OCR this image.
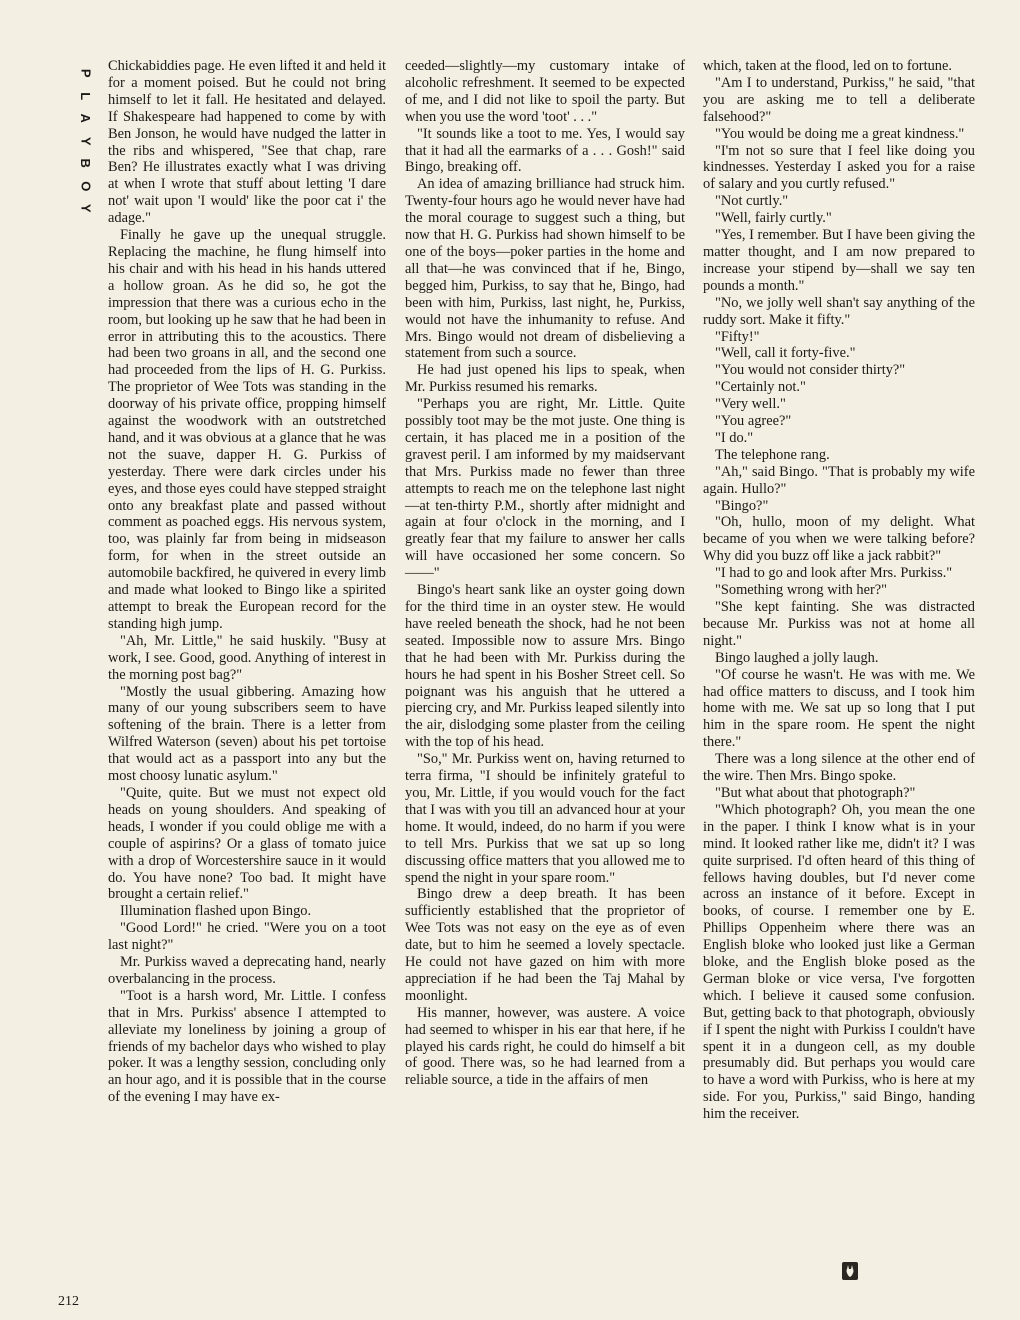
P
L
A
Y
B
O
Y

Chickabiddies page. He even lifted it and held it for a moment poised. But he could not bring himself to let it fall. He hesitated and delayed. If Shakespeare had happened to come by with Ben Jonson, he would have nudged the latter in the ribs and whispered, "See that chap, rare Ben? He illustrates exactly what I was driving at when I wrote that stuff about letting 'I dare not' wait upon 'I would' like the poor cat i' the adage."

Finally he gave up the unequal struggle. Replacing the machine, he flung himself into his chair and with his head in his hands uttered a hollow groan. As he did so, he got the impression that there was a curious echo in the room, but looking up he saw that he had been in error in attributing this to the acoustics. There had been two groans in all, and the second one had proceeded from the lips of H. G. Purkiss. The proprietor of Wee Tots was standing in the doorway of his private office, propping himself against the woodwork with an outstretched hand, and it was obvious at a glance that he was not the suave, dapper H. G. Purkiss of yesterday. There were dark circles under his eyes, and those eyes could have stepped straight onto any breakfast plate and passed without comment as poached eggs. His nervous system, too, was plainly far from being in midseason form, for when in the street outside an automobile backfired, he quivered in every limb and made what looked to Bingo like a spirited attempt to break the European record for the standing high jump.

"Ah, Mr. Little," he said huskily. "Busy at work, I see. Good, good. Anything of interest in the morning post bag?"

"Mostly the usual gibbering. Amazing how many of our young subscribers seem to have softening of the brain. There is a letter from Wilfred Waterson (seven) about his pet tortoise that would act as a passport into any but the most choosy lunatic asylum."

"Quite, quite. But we must not expect old heads on young shoulders. And speaking of heads, I wonder if you could oblige me with a couple of aspirins? Or a glass of tomato juice with a drop of Worcestershire sauce in it would do. You have none? Too bad. It might have brought a certain relief."

Illumination flashed upon Bingo.

"Good Lord!" he cried. "Were you on a toot last night?"

Mr. Purkiss waved a deprecating hand, nearly overbalancing in the process.

"Toot is a harsh word, Mr. Little. I confess that in Mrs. Purkiss' absence I attempted to alleviate my loneliness by joining a group of friends of my bachelor days who wished to play poker. It was a lengthy session, concluding only an hour ago, and it is possible that in the course of the evening I may have ex-

ceeded—slightly—my customary intake of alcoholic refreshment. It seemed to be expected of me, and I did not like to spoil the party. But when you use the word 'toot' . . ."

"It sounds like a toot to me. Yes, I would say that it had all the earmarks of a . . . Gosh!" said Bingo, breaking off.

An idea of amazing brilliance had struck him. Twenty-four hours ago he would never have had the moral courage to suggest such a thing, but now that H. G. Purkiss had shown himself to be one of the boys—poker parties in the home and all that—he was convinced that if he, Bingo, begged him, Purkiss, to say that he, Bingo, had been with him, Purkiss, last night, he, Purkiss, would not have the inhumanity to refuse. And Mrs. Bingo would not dream of disbelieving a statement from such a source.

He had just opened his lips to speak, when Mr. Purkiss resumed his remarks.

"Perhaps you are right, Mr. Little. Quite possibly toot may be the mot juste. One thing is certain, it has placed me in a position of the gravest peril. I am informed by my maidservant that Mrs. Purkiss made no fewer than three attempts to reach me on the telephone last night—at ten-thirty P.M., shortly after midnight and again at four o'clock in the morning, and I greatly fear that my failure to answer her calls will have occasioned her some concern. So——"

Bingo's heart sank like an oyster going down for the third time in an oyster stew. He would have reeled beneath the shock, had he not been seated. Impossible now to assure Mrs. Bingo that he had been with Mr. Purkiss during the hours he had spent in his Bosher Street cell. So poignant was his anguish that he uttered a piercing cry, and Mr. Purkiss leaped silently into the air, dislodging some plaster from the ceiling with the top of his head.

"So," Mr. Purkiss went on, having returned to terra firma, "I should be infinitely grateful to you, Mr. Little, if you would vouch for the fact that I was with you till an advanced hour at your home. It would, indeed, do no harm if you were to tell Mrs. Purkiss that we sat up so long discussing office matters that you allowed me to spend the night in your spare room."

Bingo drew a deep breath. It has been sufficiently established that the proprietor of Wee Tots was not easy on the eye as of even date, but to him he seemed a lovely spectacle. He could not have gazed on him with more appreciation if he had been the Taj Mahal by moonlight.

His manner, however, was austere. A voice had seemed to whisper in his ear that here, if he played his cards right, he could do himself a bit of good. There was, so he had learned from a reliable source, a tide in the affairs of men

which, taken at the flood, led on to fortune.

"Am I to understand, Purkiss," he said, "that you are asking me to tell a deliberate falsehood?"

"You would be doing me a great kindness."

"I'm not so sure that I feel like doing you kindnesses. Yesterday I asked you for a raise of salary and you curtly refused."

"Not curtly."

"Well, fairly curtly."

"Yes, I remember. But I have been giving the matter thought, and I am now prepared to increase your stipend by—shall we say ten pounds a month."

"No, we jolly well shan't say anything of the ruddy sort. Make it fifty."

"Fifty!"

"Well, call it forty-five."

"You would not consider thirty?"

"Certainly not."

"Very well."

"You agree?"

"I do."

The telephone rang.

"Ah," said Bingo. "That is probably my wife again. Hullo?"

"Bingo?"

"Oh, hullo, moon of my delight. What became of you when we were talking before? Why did you buzz off like a jack rabbit?"

"I had to go and look after Mrs. Purkiss."

"Something wrong with her?"

"She kept fainting. She was distracted because Mr. Purkiss was not at home all night."

Bingo laughed a jolly laugh.

"Of course he wasn't. He was with me. We had office matters to discuss, and I took him home with me. We sat up so long that I put him in the spare room. He spent the night there."

There was a long silence at the other end of the wire. Then Mrs. Bingo spoke.

"But what about that photograph?"

"Which photograph? Oh, you mean the one in the paper. I think I know what is in your mind. It looked rather like me, didn't it? I was quite surprised. I'd often heard of this thing of fellows having doubles, but I'd never come across an instance of it before. Except in books, of course. I remember one by E. Phillips Oppenheim where there was an English bloke who looked just like a German bloke, and the English bloke posed as the German bloke or vice versa, I've forgotten which. I believe it caused some confusion. But, getting back to that photograph, obviously if I spent the night with Purkiss I couldn't have spent it in a dungeon cell, as my double presumably did. But perhaps you would care to have a word with Purkiss, who is here at my side. For you, Purkiss," said Bingo, handing him the receiver.

212
